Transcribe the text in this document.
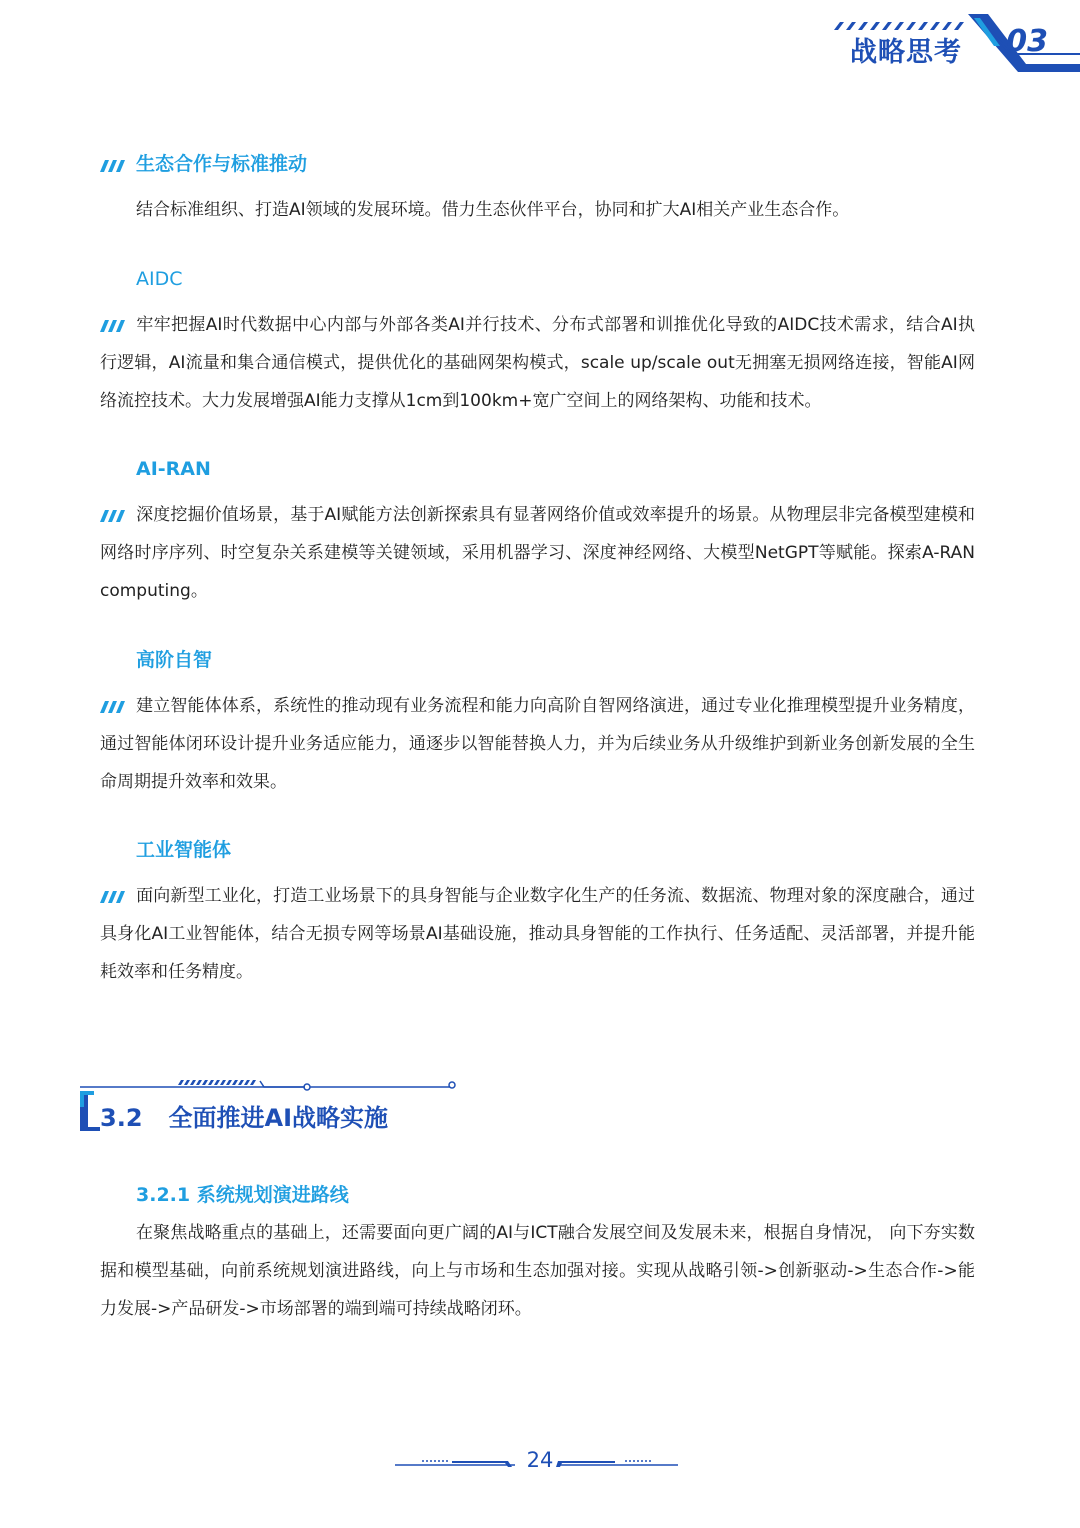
战略思考 03
生态合作与标准推动

结合标准组织、打造AI领域的发展环境。借力生态伙伴平台，协同和扩大AI相关产业生态合作。

AIDC

牢牢把握AI时代数据中心内部与外部各类AI并行技术、分布式部署和训推优化导致的AIDC技术需求，结合AI执行逻辑，AI流量和集合通信模式，提供优化的基础网架构模式，scale up/scale out无拥塞无损网络连接，智能AI网络流控技术。大力发展增强AI能力支撑从1cm到100km+宽广空间上的网络架构、功能和技术。

AI-RAN

深度挖掘价值场景，基于AI赋能方法创新探索具有显著网络价值或效率提升的场景。从物理层非完备模型建模和网络时序序列、时空复杂关系建模等关键领域，采用机器学习、深度神经网络、大模型NetGPT等赋能。探索A-RAN computing。

高阶自智

建立智能体体系，系统性的推动现有业务流程和能力向高阶自智网络演进，通过专业化推理模型提升业务精度，通过智能体闭环设计提升业务适应能力，通逐步以智能替换人力，并为后续业务从升级维护到新业务创新发展的全生命周期提升效率和效果。

工业智能体

面向新型工业化，打造工业场景下的具身智能与企业数字化生产的任务流、数据流、物理对象的深度融合，通过具身化AI工业智能体，结合无损专网等场景AI基础设施，推动具身智能的工作执行、任务适配、灵活部署，并提升能耗效率和任务精度。

3.2 全面推进AI战略实施
3.2.1 系统规划演进路线

在聚焦战略重点的基础上，还需要面向更广阔的AI与ICT融合发展空间及发展未来，根据自身情况， 向下夯实数据和模型基础，向前系统规划演进路线，向上与市场和生态加强对接。实现从战略引领->创新驱动->生态合作->能力发展->产品研发->市场部署的端到端可持续战略闭环。

24
